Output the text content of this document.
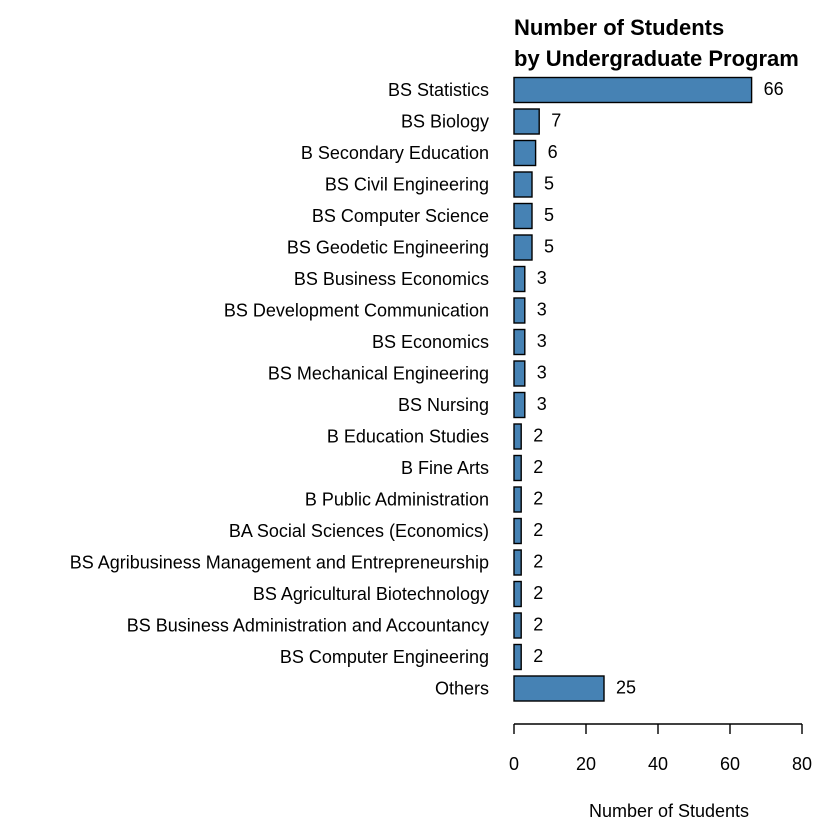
Number of Students
by Undergraduate Program
BS Statistics
BS Biology
B Secondary Education
BS Civil Engineering
BS Computer Science
BS Geodetic Engineering
BS Business Economics
BS Development Communication
BS Economics
BS Mechanical Engineering
BS Nursing
B Education Studies
B Fine Arts
B Public Administration
BA Social Sciences (Economics)
BS Agribusiness Management and Entrepreneurship
BS Agricultural Biotechnology
BS Business Administration and Accountancy
BS Computer Engineering
Others
66
7
6
5
5
5
3
3
3
3
3
2
2
2
2
2
2
2
2
25
0	20	40	60	80
Number of Students
